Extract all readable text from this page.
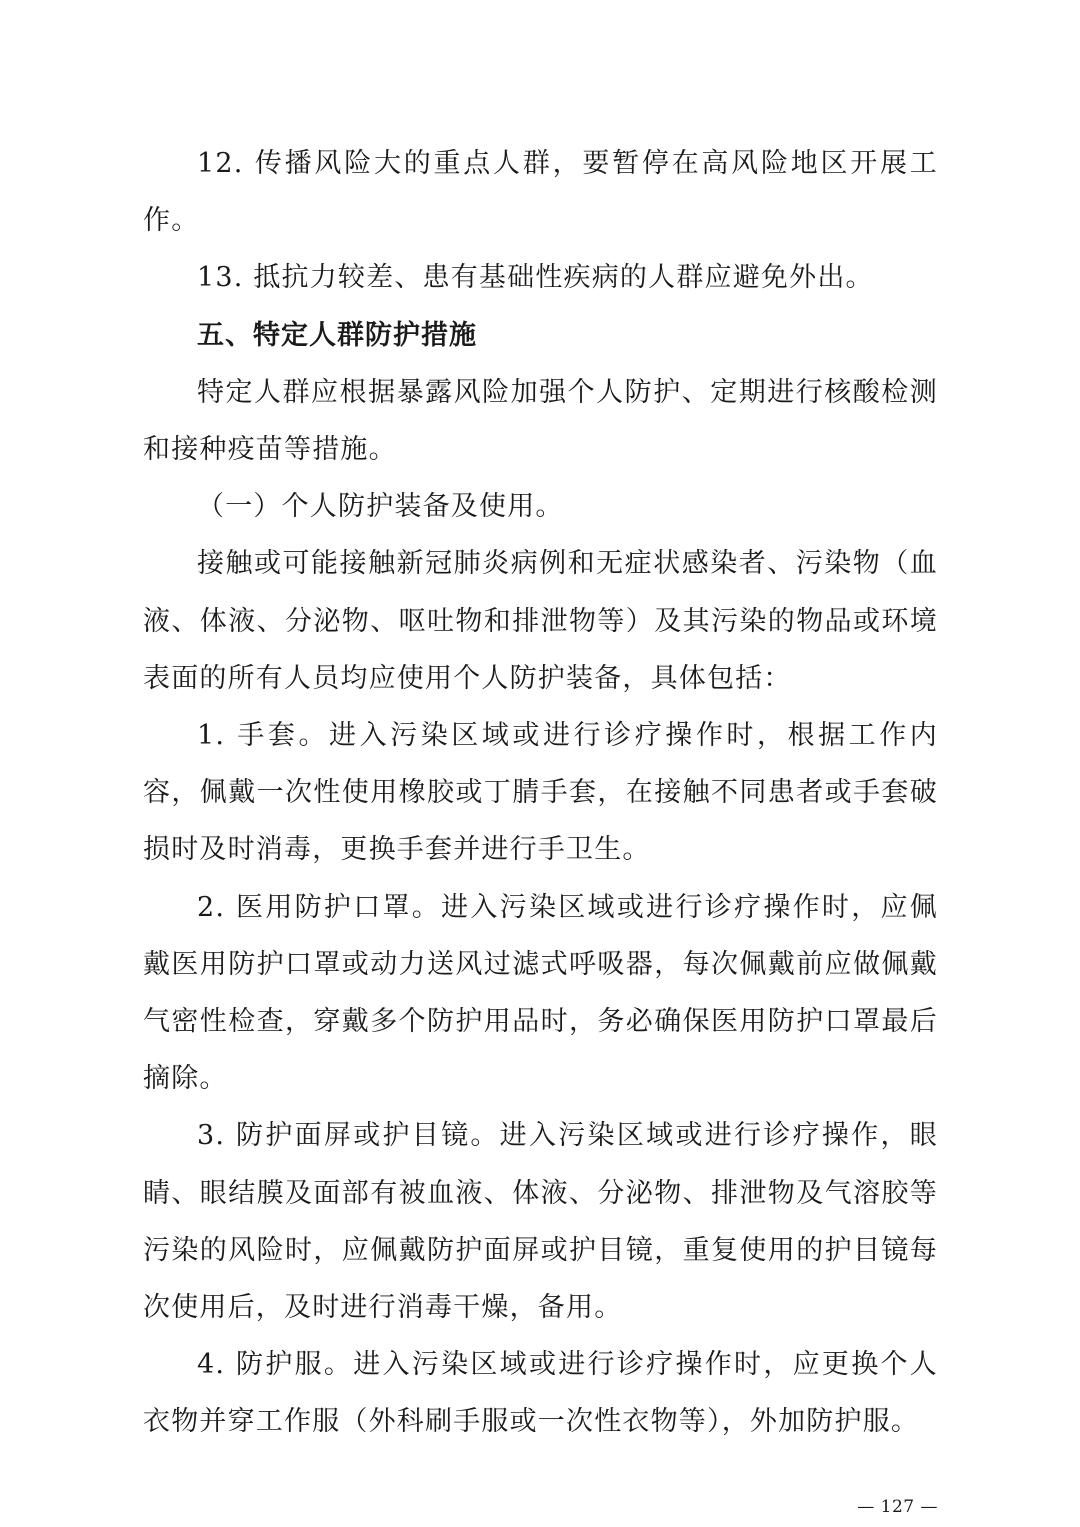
12. 传播风险大的重点人群，要暂停在高风险地区开展工作。

13. 抵抗力较差、患有基础性疾病的人群应避免外出。

五、特定人群防护措施

特定人群应根据暴露风险加强个人防护、定期进行核酸检测和接种疫苗等措施。

（一）个人防护装备及使用。

接触或可能接触新冠肺炎病例和无症状感染者、污染物（血液、体液、分泌物、呕吐物和排泄物等）及其污染的物品或环境表面的所有人员均应使用个人防护装备，具体包括：

1. 手套。进入污染区域或进行诊疗操作时，根据工作内容，佩戴一次性使用橡胶或丁腈手套，在接触不同患者或手套破损时及时消毒，更换手套并进行手卫生。

2. 医用防护口罩。进入污染区域或进行诊疗操作时，应佩戴医用防护口罩或动力送风过滤式呼吸器，每次佩戴前应做佩戴气密性检查，穿戴多个防护用品时，务必确保医用防护口罩最后摘除。

3. 防护面屏或护目镜。进入污染区域或进行诊疗操作，眼睛、眼结膜及面部有被血液、体液、分泌物、排泄物及气溶胶等污染的风险时，应佩戴防护面屏或护目镜，重复使用的护目镜每次使用后，及时进行消毒干燥，备用。

4. 防护服。进入污染区域或进行诊疗操作时，应更换个人衣物并穿工作服（外科刷手服或一次性衣物等），外加防护服。

— 127 —
